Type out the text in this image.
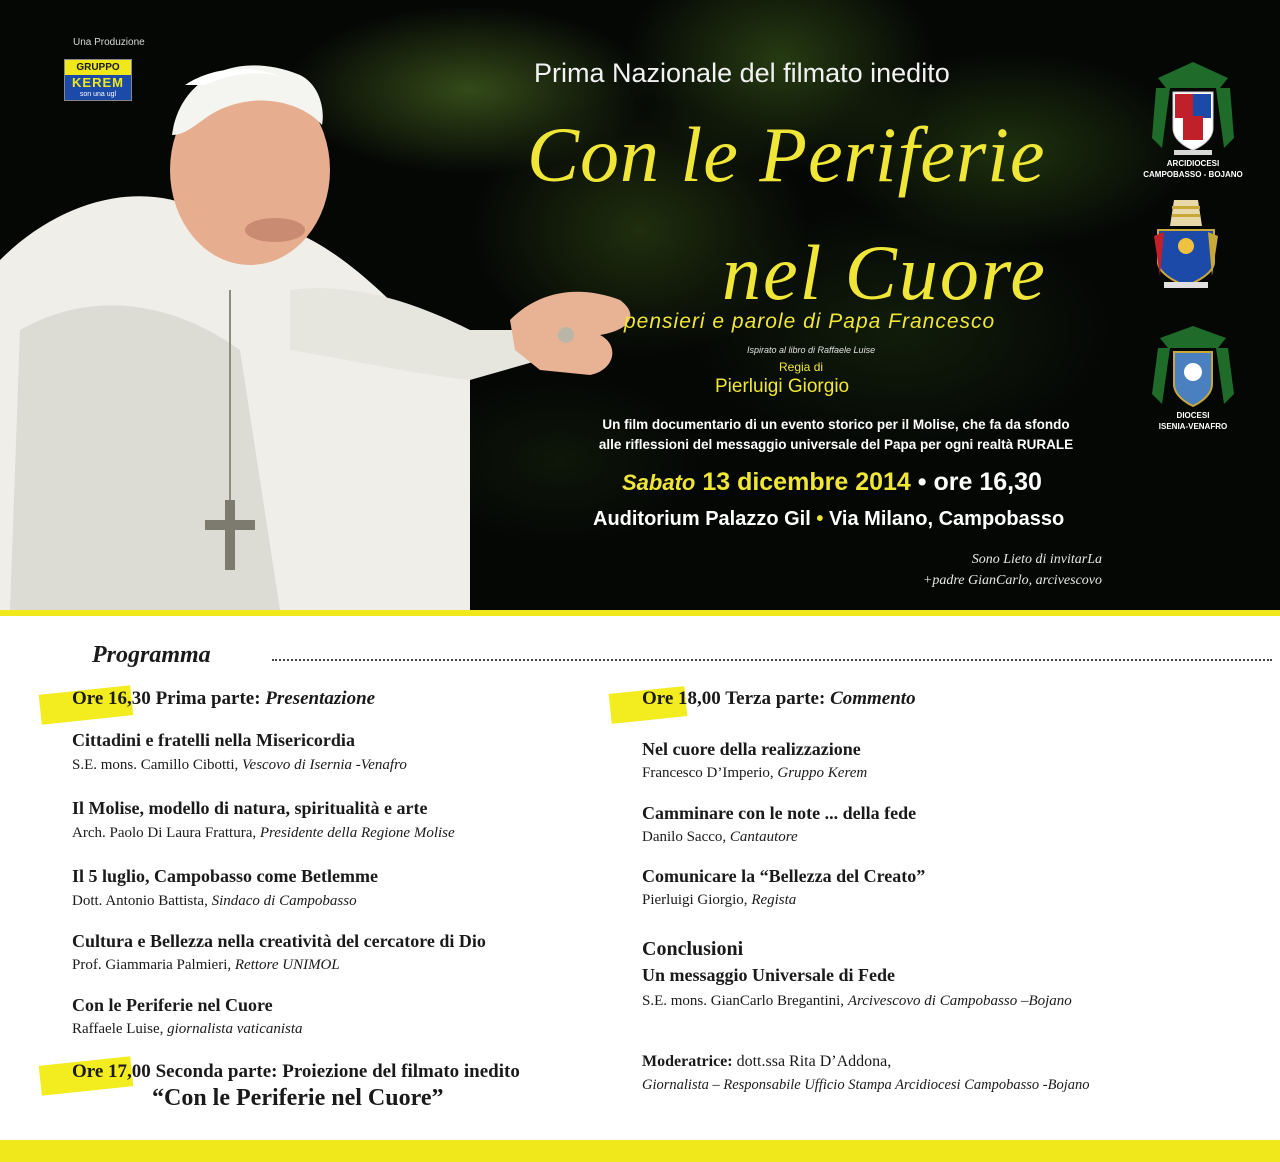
Una Produzione
GRUPPO
KEREM
son una ugl
Prima Nazionale del filmato inedito
Con le Periferie
nel Cuore
pensieri e parole di Papa Francesco
Ispirato al libro di Raffaele Luise
Regia di
Pierluigi Giorgio
Un film documentario di un evento storico per il Molise, che fa da sfondo
alle riflessioni del messaggio universale del Papa per ogni realtà RURALE
Sabato 13 dicembre 2014 • ore 16,30
Auditorium Palazzo Gil • Via Milano, Campobasso
Sono Lieto di invitarLa
+padre GianCarlo, arcivescovo
ARCIDIOCESI
CAMPOBASSO - BOJANO
DIOCESI
ISENIA-VENAFRO
Programma
Ore 16,30 Prima parte: Presentazione
Cittadini e fratelli nella Misericordia
S.E. mons. Camillo Cibotti, Vescovo di Isernia -Venafro
Il Molise, modello di natura, spiritualità e arte
Arch. Paolo Di Laura Frattura, Presidente della Regione Molise
Il 5 luglio, Campobasso come Betlemme
Dott. Antonio Battista, Sindaco di Campobasso
Cultura e Bellezza nella creatività del cercatore di Dio
Prof. Giammaria Palmieri, Rettore UNIMOL
Con le Periferie nel Cuore
Raffaele Luise, giornalista vaticanista
Ore 17,00 Seconda parte: Proiezione del filmato inedito
“Con le Periferie nel Cuore”
Ore 18,00 Terza parte: Commento
Nel cuore della realizzazione
Francesco D’Imperio, Gruppo Kerem
Camminare con le note ... della fede
Danilo Sacco, Cantautore
Comunicare la “Bellezza del Creato”
Pierluigi Giorgio, Regista
Conclusioni
Un messaggio Universale di Fede
S.E. mons. GianCarlo Bregantini, Arcivescovo di Campobasso –Bojano
Moderatrice: dott.ssa Rita D’Addona,
Giornalista – Responsabile Ufficio Stampa Arcidiocesi Campobasso -Bojano
